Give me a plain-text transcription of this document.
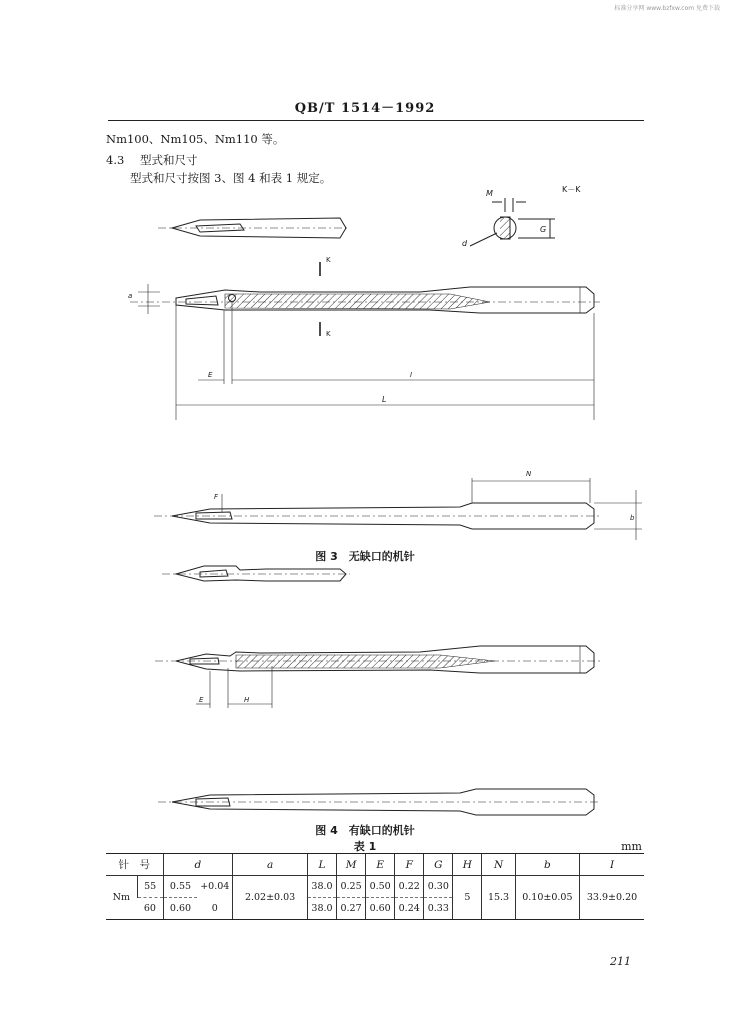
标准分享网 www.bzfxw.com 免费下载
QB/T 1514－1992
Nm100、Nm105、Nm110 等。
4.3 型式和尺寸
型式和尺寸按图 3、图 4 和表 1 规定。
M	K－K
G
d
K
K
a
E	I
L
N
F
b
E	H
图 3　无缺口的机针
图 4　有缺口的机针
表 1	mm
针　号		d		a	L	M	E	F	G	H	N	b	I
Nm	55	0.55	+0.04	2.02±0.03	38.0	0.25	0.50	0.22	0.30	5	15.3	0.10±0.05	33.9±0.20
	60	0.60	0		38.0	0.27	0.60	0.24	0.33				
211
